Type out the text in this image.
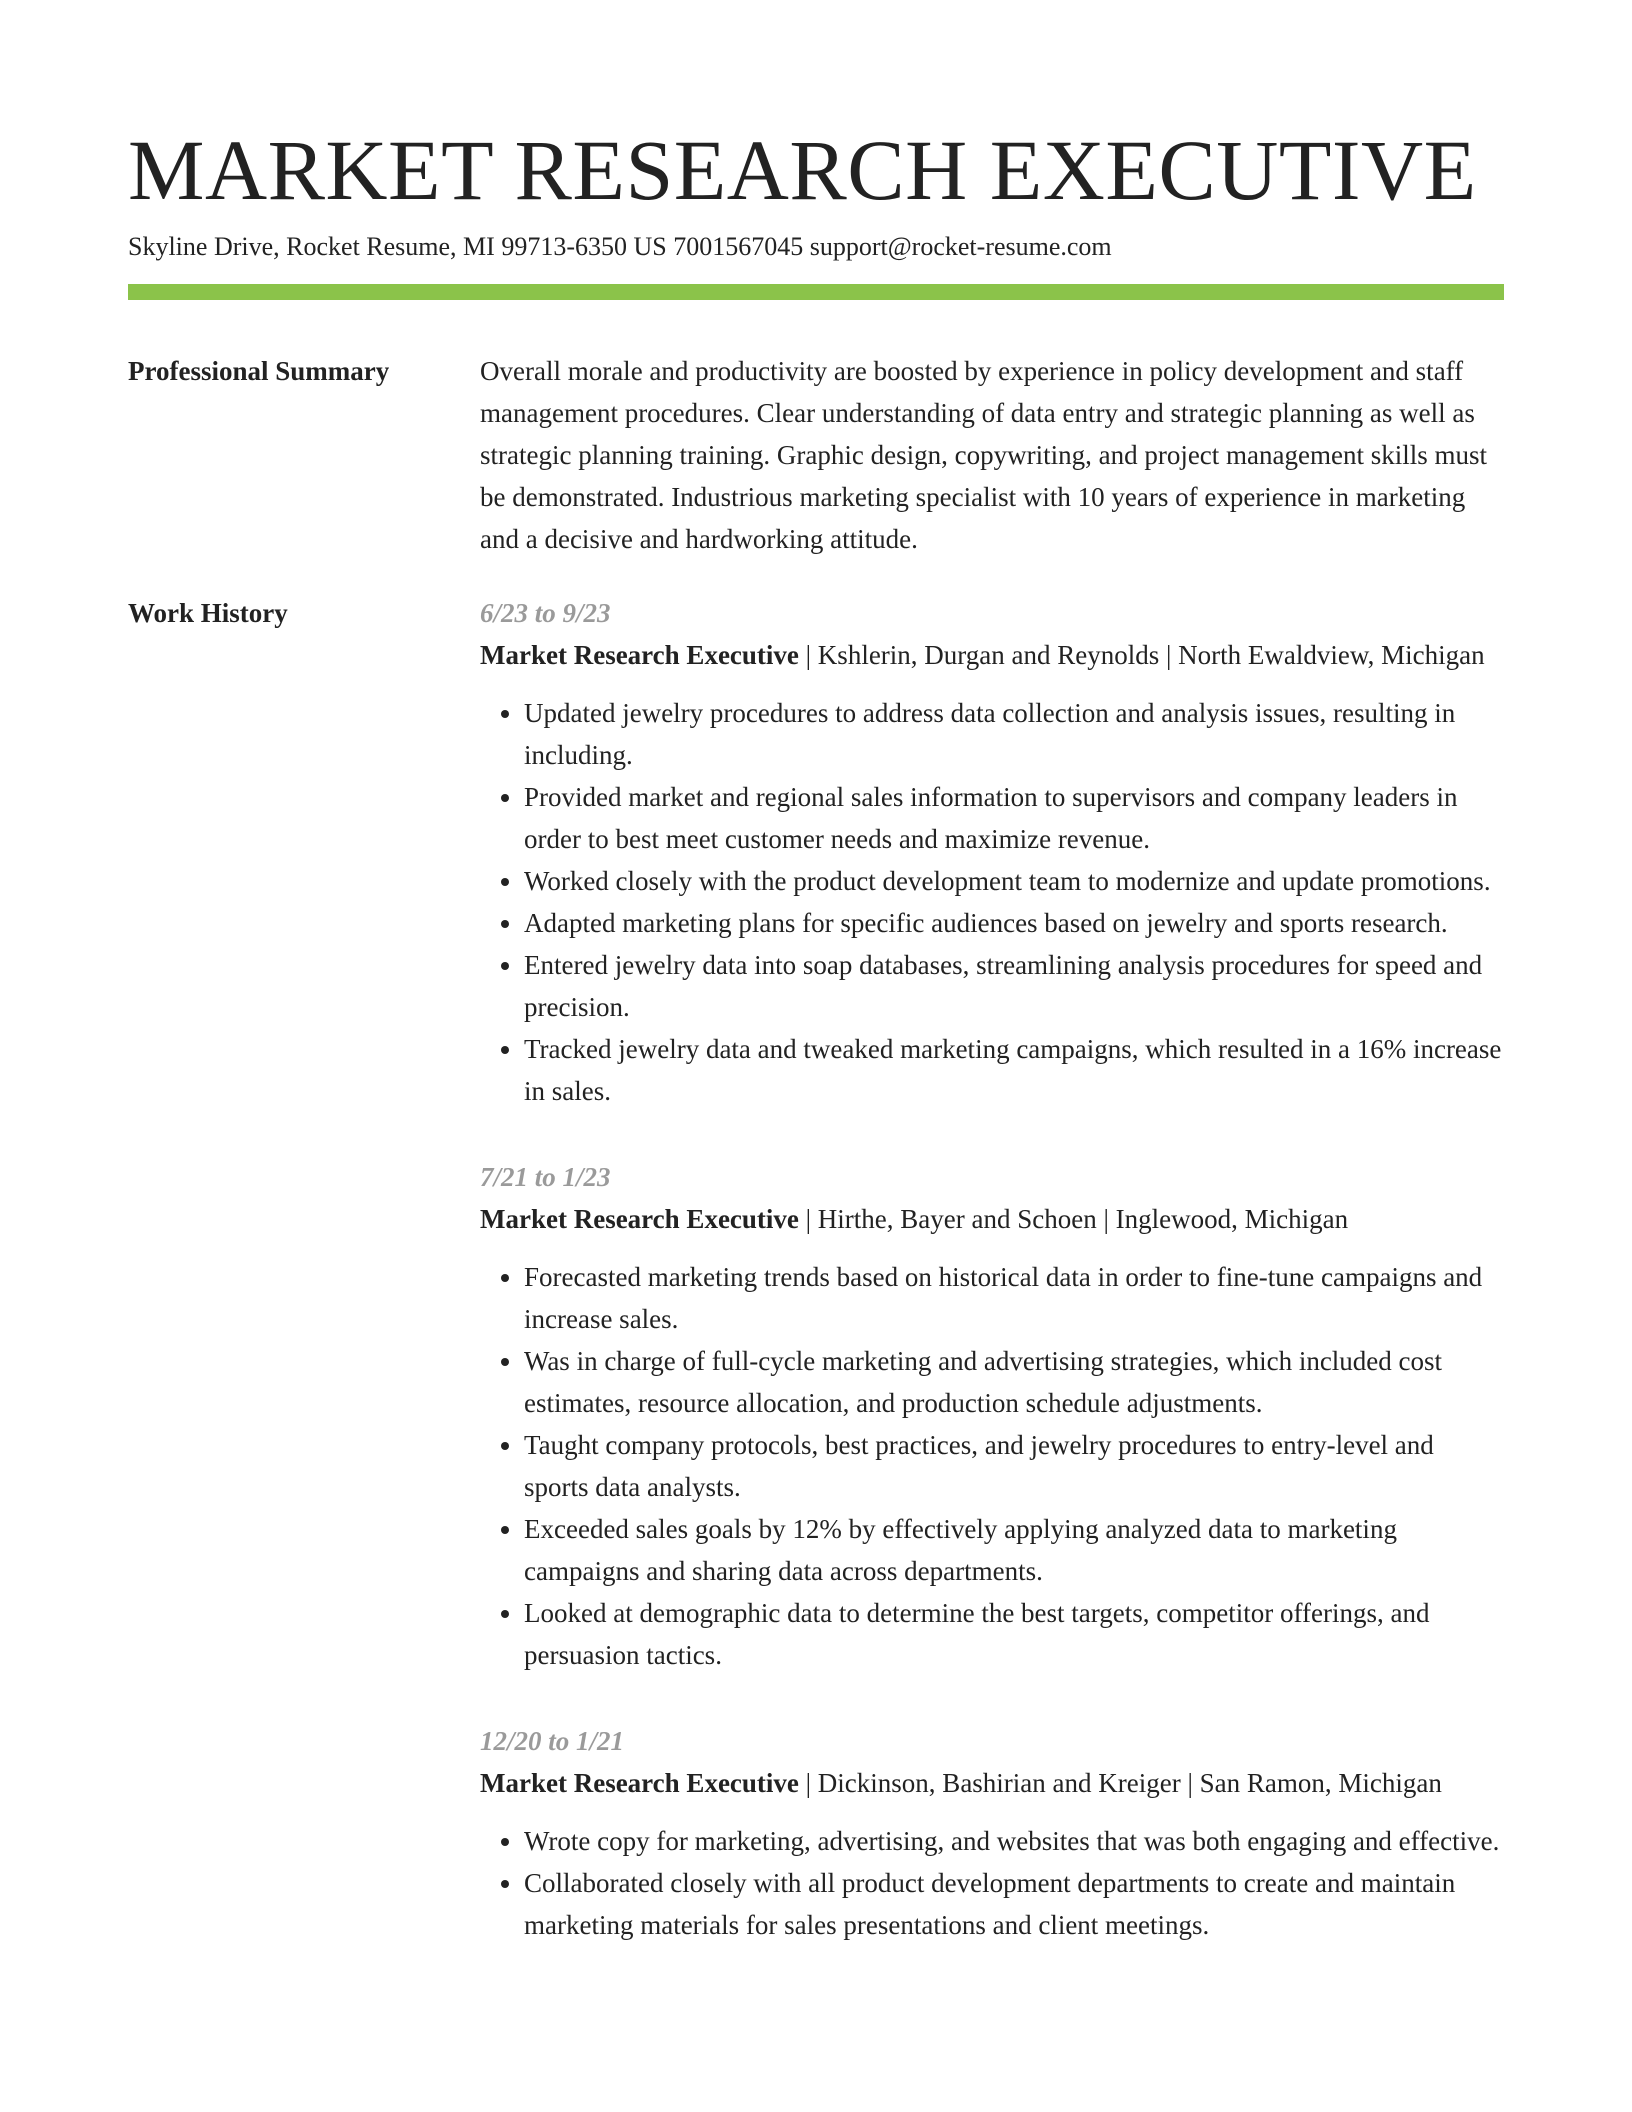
MARKET RESEARCH EXECUTIVE
Skyline Drive, Rocket Resume, MI 99713-6350 US 7001567045 support@rocket-resume.com
Professional Summary	Overall morale and productivity are boosted by experience in policy development and staff management procedures. Clear understanding of data entry and strategic planning as well as strategic planning training. Graphic design, copywriting, and project management skills must be demonstrated. Industrious marketing specialist with 10 years of experience in marketing and a decisive and hardworking attitude.
Work History	6/23 to 9/23
Market Research Executive | Kshlerin, Durgan and Reynolds | North Ewaldview, Michigan
• Updated jewelry procedures to address data collection and analysis issues, resulting in including.
• Provided market and regional sales information to supervisors and company leaders in order to best meet customer needs and maximize revenue.
• Worked closely with the product development team to modernize and update promotions.
• Adapted marketing plans for specific audiences based on jewelry and sports research.
• Entered jewelry data into soap databases, streamlining analysis procedures for speed and precision.
• Tracked jewelry data and tweaked marketing campaigns, which resulted in a 16% increase in sales.
7/21 to 1/23
Market Research Executive | Hirthe, Bayer and Schoen | Inglewood, Michigan
• Forecasted marketing trends based on historical data in order to fine-tune campaigns and increase sales.
• Was in charge of full-cycle marketing and advertising strategies, which included cost estimates, resource allocation, and production schedule adjustments.
• Taught company protocols, best practices, and jewelry procedures to entry-level and sports data analysts.
• Exceeded sales goals by 12% by effectively applying analyzed data to marketing campaigns and sharing data across departments.
• Looked at demographic data to determine the best targets, competitor offerings, and persuasion tactics.
12/20 to 1/21
Market Research Executive | Dickinson, Bashirian and Kreiger | San Ramon, Michigan
• Wrote copy for marketing, advertising, and websites that was both engaging and effective.
• Collaborated closely with all product development departments to create and maintain marketing materials for sales presentations and client meetings.
